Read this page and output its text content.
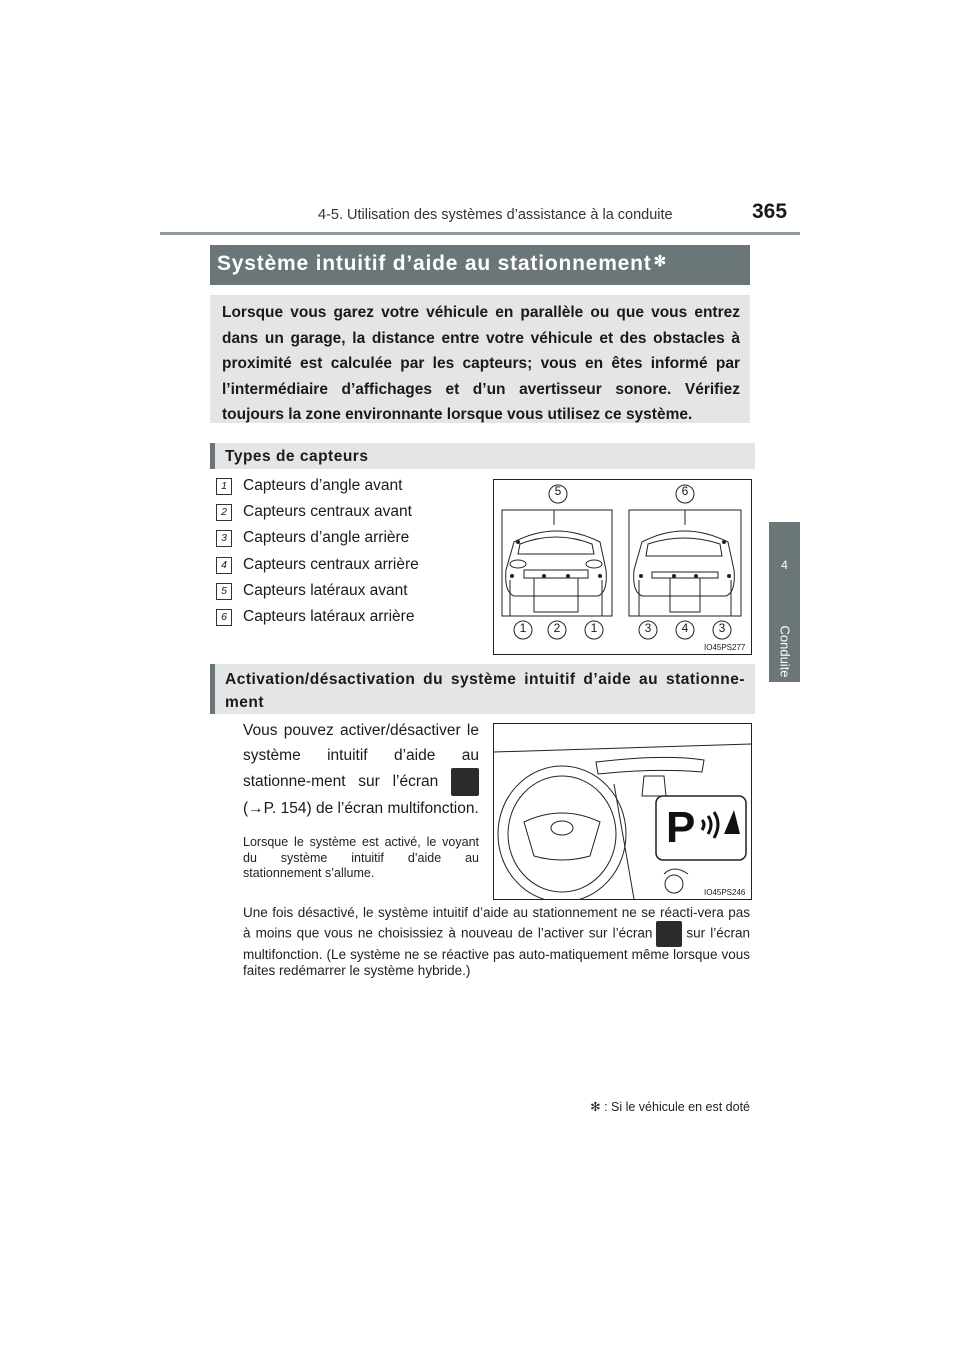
4-5. Utilisation des systèmes d’assistance à la conduite	365
4
Conduite
Système intuitif d’aide au stationnement ✻
Lorsque vous garez votre véhicule en parallèle ou que vous entrez dans un garage, la distance entre votre véhicule et des obstacles à proximité est calculée par les capteurs; vous en êtes informé par l’intermédiaire d’affichages et d’un avertisseur sonore. Vérifiez toujours la zone environnante lorsque vous utilisez ce système.
Types de capteurs
1	Capteurs d’angle avant
2	Capteurs centraux avant
3	Capteurs d’angle arrière
4	Capteurs centraux arrière
5	Capteurs latéraux avant
6	Capteurs latéraux arrière
5	6
1	2	1	3	4	3
IO45PS277
Activation/désactivation du système intuitif d’aide au stationne-ment
Vous pouvez activer/désactiver le système intuitif d’aide au stationne-ment sur l’écran  (→P. 154) de l’écran multifonction.
Lorsque le système est activé, le voyant du système intuitif d’aide au stationnement s’allume.
P
IO45PS246
Une fois désactivé, le système intuitif d’aide au stationnement ne se réacti-vera pas à moins que vous ne choisissiez à nouveau de l’activer sur l’écran	sur l’écran multifonction. (Le système ne se réactive pas auto-matiquement même lorsque vous faites redémarrer le système hybride.)
✻ : Si le véhicule en est doté
